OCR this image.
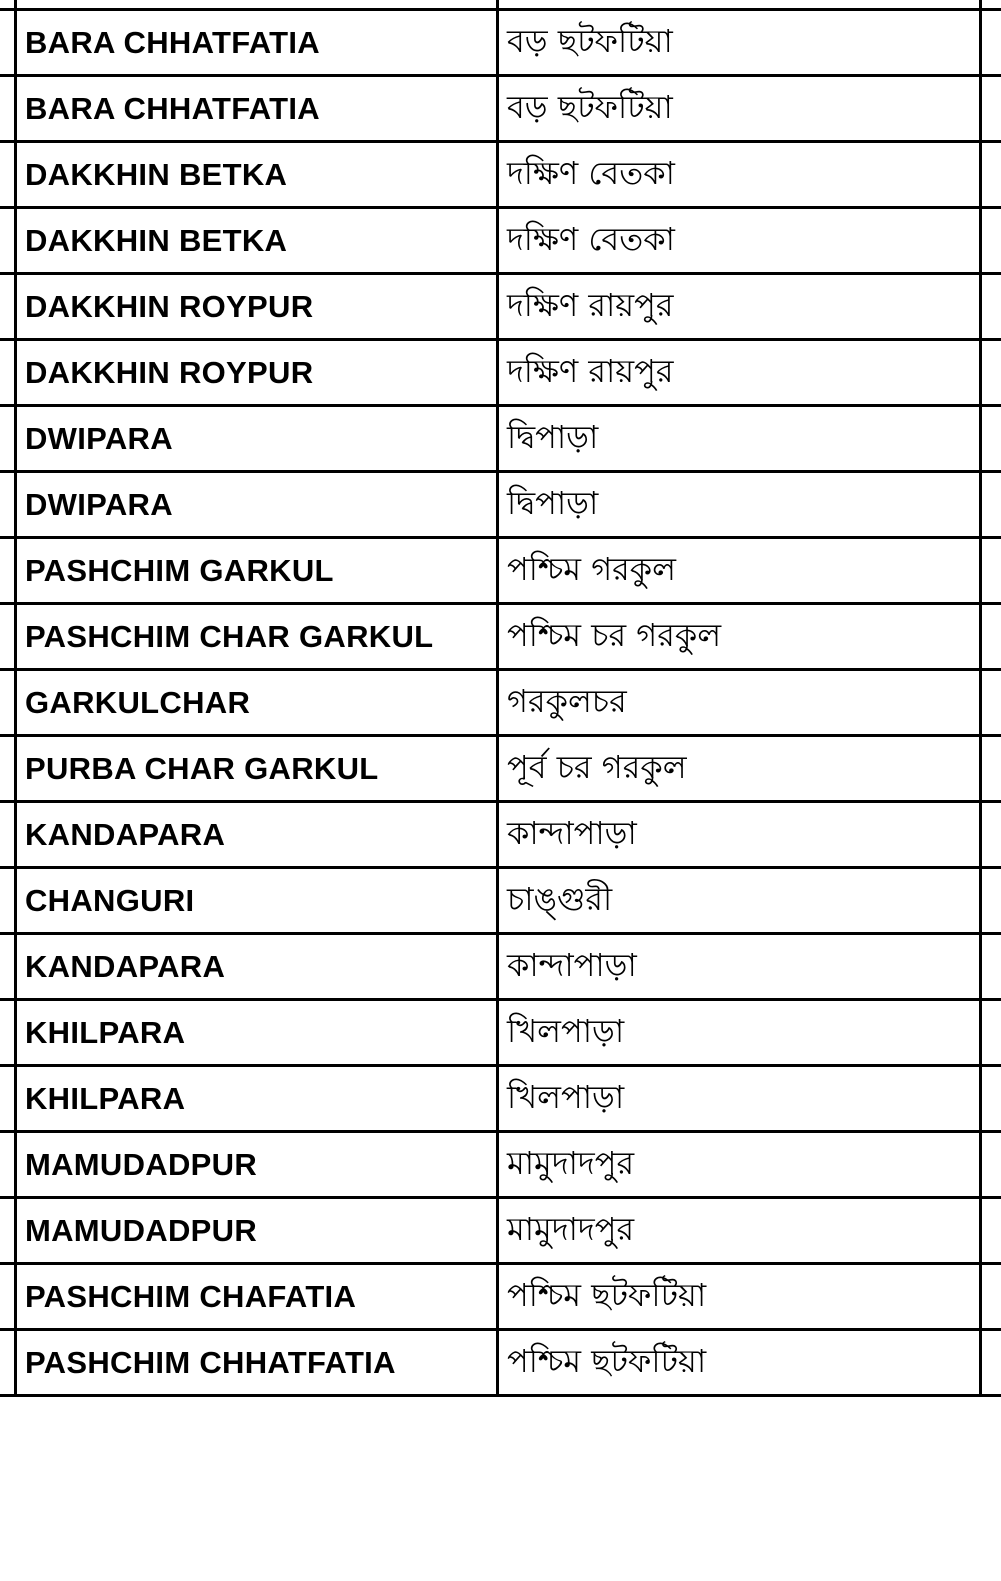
BARA CHHATFATIA	বড় ছটফটিয়া
BARA CHHATFATIA	বড় ছটফটিয়া
DAKKHIN BETKA	দক্ষিণ বেতকা
DAKKHIN BETKA	দক্ষিণ বেতকা
DAKKHIN ROYPUR	দক্ষিণ রায়পুর
DAKKHIN ROYPUR	দক্ষিণ রায়পুর
DWIPARA	দ্বিপাড়া
DWIPARA	দ্বিপাড়া
PASHCHIM GARKUL	পশ্চিম গরকুল
PASHCHIM CHAR GARKUL	পশ্চিম চর গরকুল
GARKULCHAR	গরকুলচর
PURBA CHAR GARKUL	পূর্ব চর গরকুল
KANDAPARA	কান্দাপাড়া
CHANGURI	চাঙ্গুরী
KANDAPARA	কান্দাপাড়া
KHILPARA	খিলপাড়া
KHILPARA	খিলপাড়া
MAMUDADPUR	মামুদাদপুর
MAMUDADPUR	মামুদাদপুর
PASHCHIM CHAFATIA	পশ্চিম ছটফটিয়া
PASHCHIM CHHATFATIA	পশ্চিম ছটফটিয়া
